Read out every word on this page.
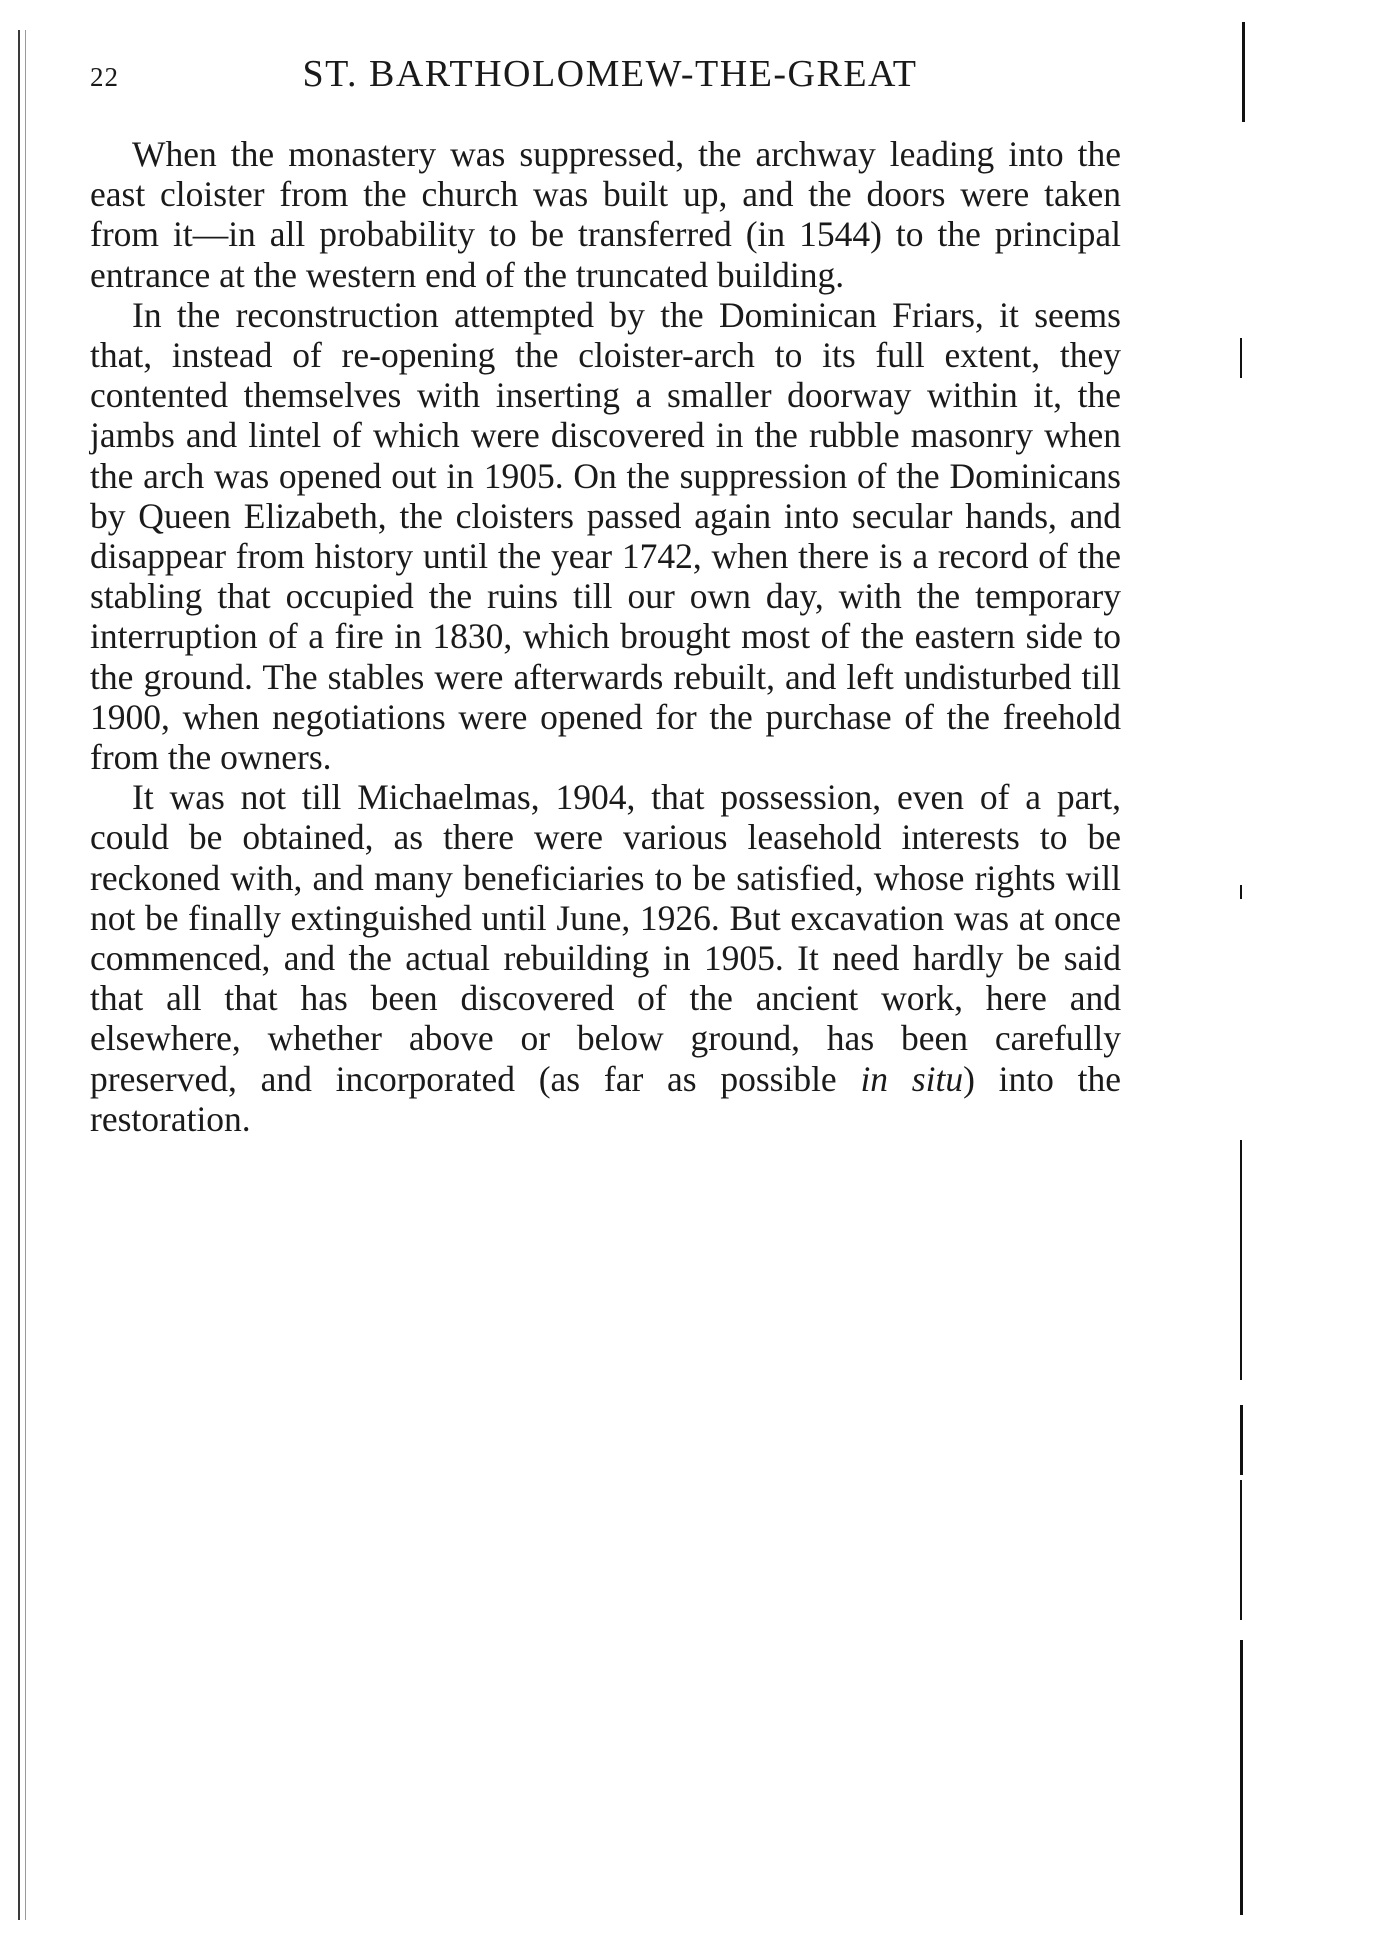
22	ST. BARTHOLOMEW-THE-GREAT

When the monastery was suppressed, the archway leading into the east cloister from the church was built up, and the doors were taken from it—in all probability to be transferred (in 1544) to the principal entrance at the western end of the truncated building.

In the reconstruction attempted by the Dominican Friars, it seems that, instead of re-opening the cloister-arch to its full extent, they contented themselves with inserting a smaller doorway within it, the jambs and lintel of which were discovered in the rubble masonry when the arch was opened out in 1905. On the suppression of the Dominicans by Queen Elizabeth, the cloisters passed again into secular hands, and disappear from history until the year 1742, when there is a record of the stabling that occupied the ruins till our own day, with the temporary interruption of a fire in 1830, which brought most of the eastern side to the ground. The stables were afterwards rebuilt, and left undisturbed till 1900, when negotiations were opened for the purchase of the freehold from the owners.

It was not till Michaelmas, 1904, that possession, even of a part, could be obtained, as there were various leasehold interests to be reckoned with, and many beneficiaries to be satisfied, whose rights will not be finally extinguished until June, 1926. But excavation was at once commenced, and the actual rebuilding in 1905. It need hardly be said that all that has been discovered of the ancient work, here and elsewhere, whether above or below ground, has been carefully preserved, and incorporated (as far as possible in situ) into the restoration.
